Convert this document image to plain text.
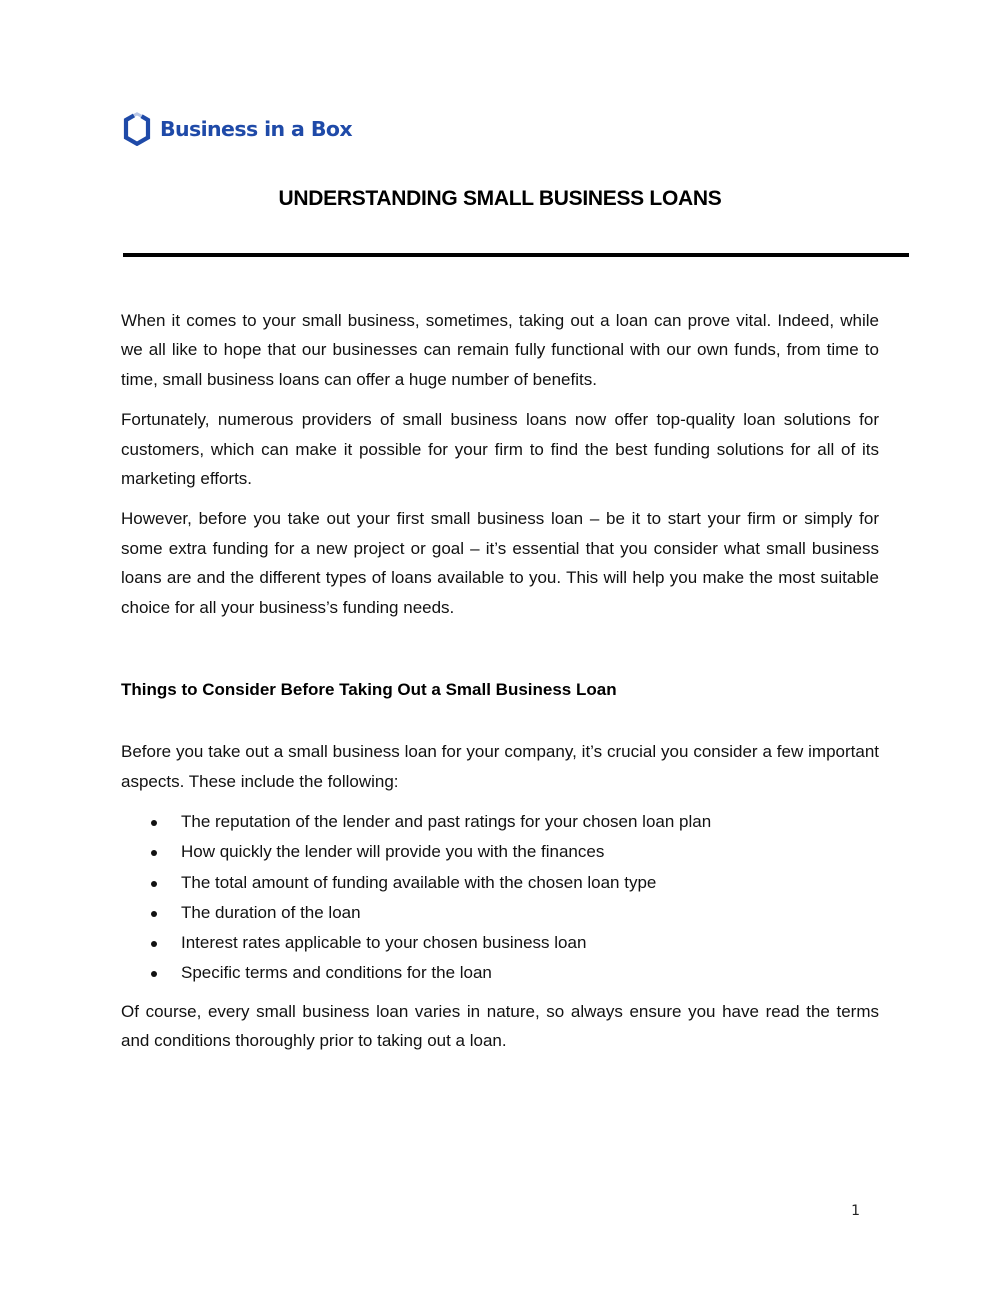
Business in a Box
UNDERSTANDING SMALL BUSINESS LOANS

When it comes to your small business, sometimes, taking out a loan can prove vital. Indeed, while we all like to hope that our businesses can remain fully functional with our own funds, from time to time, small business loans can offer a huge number of benefits.

Fortunately, numerous providers of small business loans now offer top-quality loan solutions for customers, which can make it possible for your firm to find the best funding solutions for all of its marketing efforts.

However, before you take out your first small business loan – be it to start your firm or simply for some extra funding for a new project or goal – it’s essential that you consider what small business loans are and the different types of loans available to you. This will help you make the most suitable choice for all your business’s funding needs.

Things to Consider Before Taking Out a Small Business Loan

Before you take out a small business loan for your company, it’s crucial you consider a few important aspects. These include the following:

The reputation of the lender and past ratings for your chosen loan plan
How quickly the lender will provide you with the finances
The total amount of funding available with the chosen loan type
The duration of the loan
Interest rates applicable to your chosen business loan
Specific terms and conditions for the loan

Of course, every small business loan varies in nature, so always ensure you have read the terms and conditions thoroughly prior to taking out a loan.

1
